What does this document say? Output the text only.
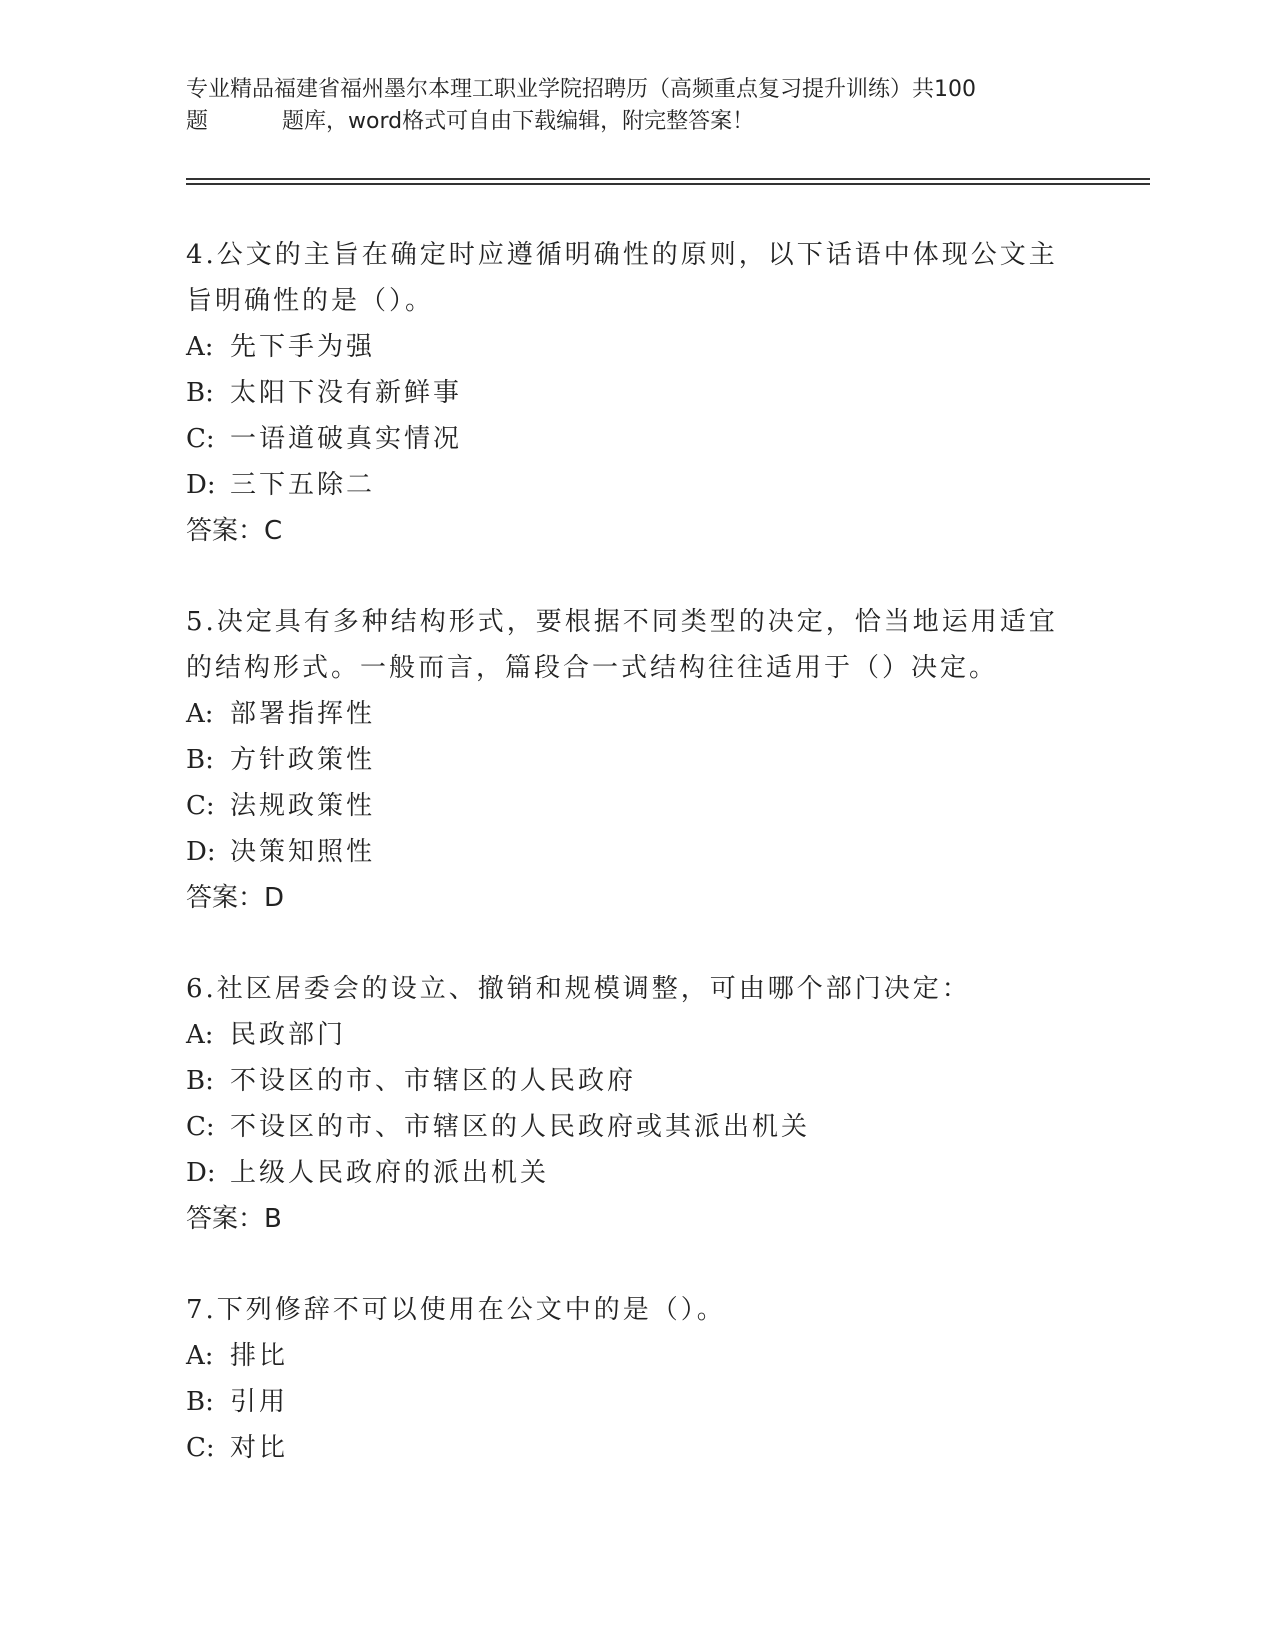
专业精品福建省福州墨尔本理工职业学院招聘历（高频重点复习提升训练）共100
题	题库，word格式可自由下载编辑，附完整答案！

4.公文的主旨在确定时应遵循明确性的原则，以下话语中体现公文主旨明确性的是（）。

A: 先下手为强

B: 太阳下没有新鲜事

C: 一语道破真实情况

D: 三下五除二

答案：C

5.决定具有多种结构形式，要根据不同类型的决定，恰当地运用适宜的结构形式。一般而言，篇段合一式结构往往适用于（）决定。

A: 部署指挥性

B: 方针政策性

C: 法规政策性

D: 决策知照性

答案：D

6.社区居委会的设立、撤销和规模调整，可由哪个部门决定：

A: 民政部门

B: 不设区的市、市辖区的人民政府

C: 不设区的市、市辖区的人民政府或其派出机关

D: 上级人民政府的派出机关

答案：B

7.下列修辞不可以使用在公文中的是（）。

A: 排比

B: 引用

C: 对比
